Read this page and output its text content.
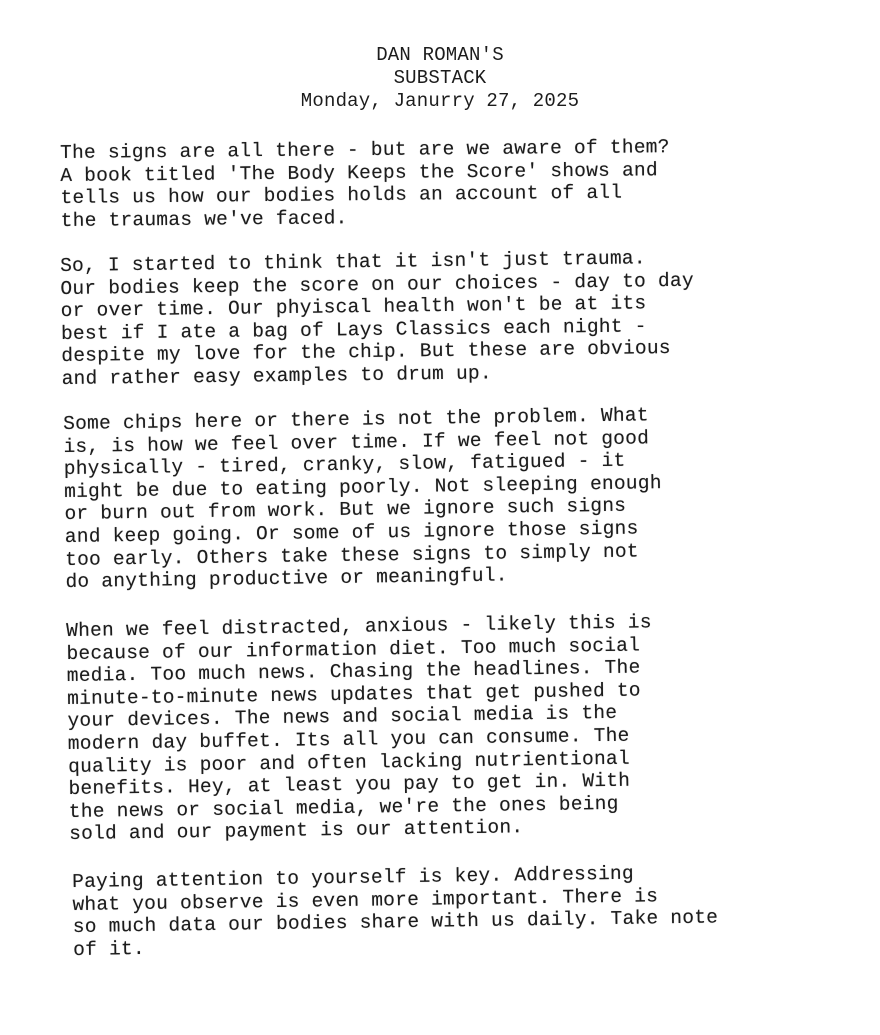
DAN ROMAN'S
SUBSTACK
Monday, Janurry 27, 2025

The signs are all there - but are we aware of them?
A book titled 'The Body Keeps the Score' shows and
tells us how our bodies holds an account of all
the traumas we've faced.

So, I started to think that it isn't just trauma.
Our bodies keep the score on our choices - day to day
or over time. Our phyiscal health won't be at its
best if I ate a bag of Lays Classics each night -
despite my love for the chip. But these are obvious
and rather easy examples to drum up.

Some chips here or there is not the problem. What
is, is how we feel over time. If we feel not good
physically - tired, cranky, slow, fatigued - it
might be due to eating poorly. Not sleeping enough
or burn out from work. But we ignore such signs
and keep going. Or some of us ignore those signs
too early. Others take these signs to simply not
do anything productive or meaningful.

When we feel distracted, anxious - likely this is
because of our information diet. Too much social
media. Too much news. Chasing the headlines. The
minute-to-minute news updates that get pushed to
your devices. The news and social media is the
modern day buffet. Its all you can consume. The
quality is poor and often lacking nutrientional
benefits. Hey, at least you pay to get in. With
the news or social media, we're the ones being
sold and our payment is our attention.

Paying attention to yourself is key. Addressing
what you observe is even more important. There is
so much data our bodies share with us daily. Take note
of it.
